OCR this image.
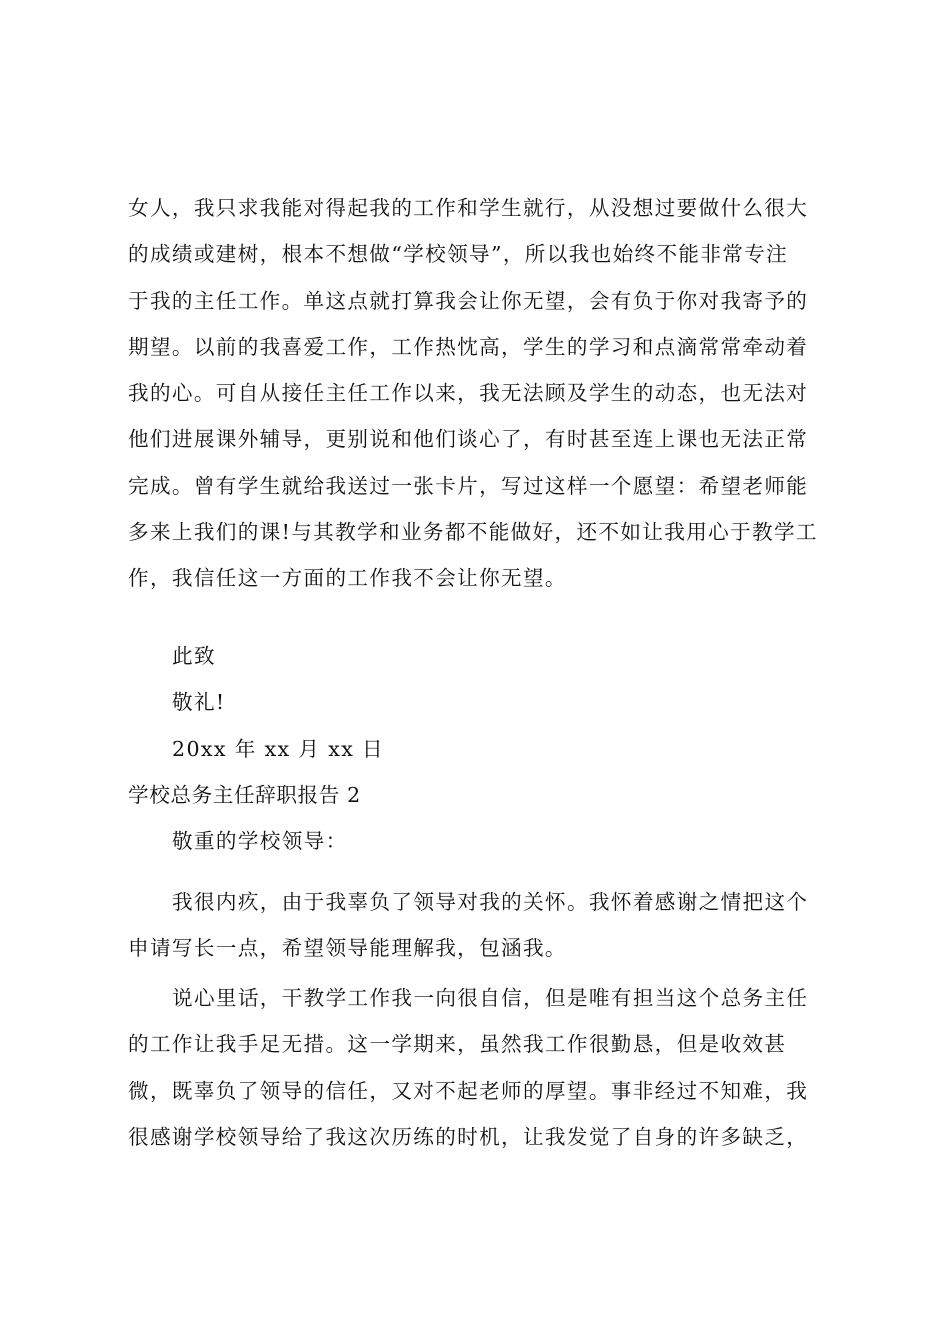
女人，我只求我能对得起我的工作和学生就行，从没想过要做什么很大
的成绩或建树，根本不想做“学校领导”，所以我也始终不能非常专注
于我的主任工作。单这点就打算我会让你无望，会有负于你对我寄予的
期望。以前的我喜爱工作，工作热忱高，学生的学习和点滴常常牵动着
我的心。可自从接任主任工作以来，我无法顾及学生的动态，也无法对
他们进展课外辅导，更别说和他们谈心了，有时甚至连上课也无法正常
完成。曾有学生就给我送过一张卡片，写过这样一个愿望：希望老师能
多来上我们的课!与其教学和业务都不能做好，还不如让我用心于教学工
作，我信任这一方面的工作我不会让你无望。
此致
敬礼!
20xx 年 xx 月 xx 日
学校总务主任辞职报告 2
敬重的学校领导：
我很内疚，由于我辜负了领导对我的关怀。我怀着感谢之情把这个
申请写长一点，希望领导能理解我，包涵我。
说心里话，干教学工作我一向很自信，但是唯有担当这个总务主任
的工作让我手足无措。这一学期来，虽然我工作很勤恳，但是收效甚
微，既辜负了领导的信任，又对不起老师的厚望。事非经过不知难，我
很感谢学校领导给了我这次历练的时机，让我发觉了自身的许多缺乏，
